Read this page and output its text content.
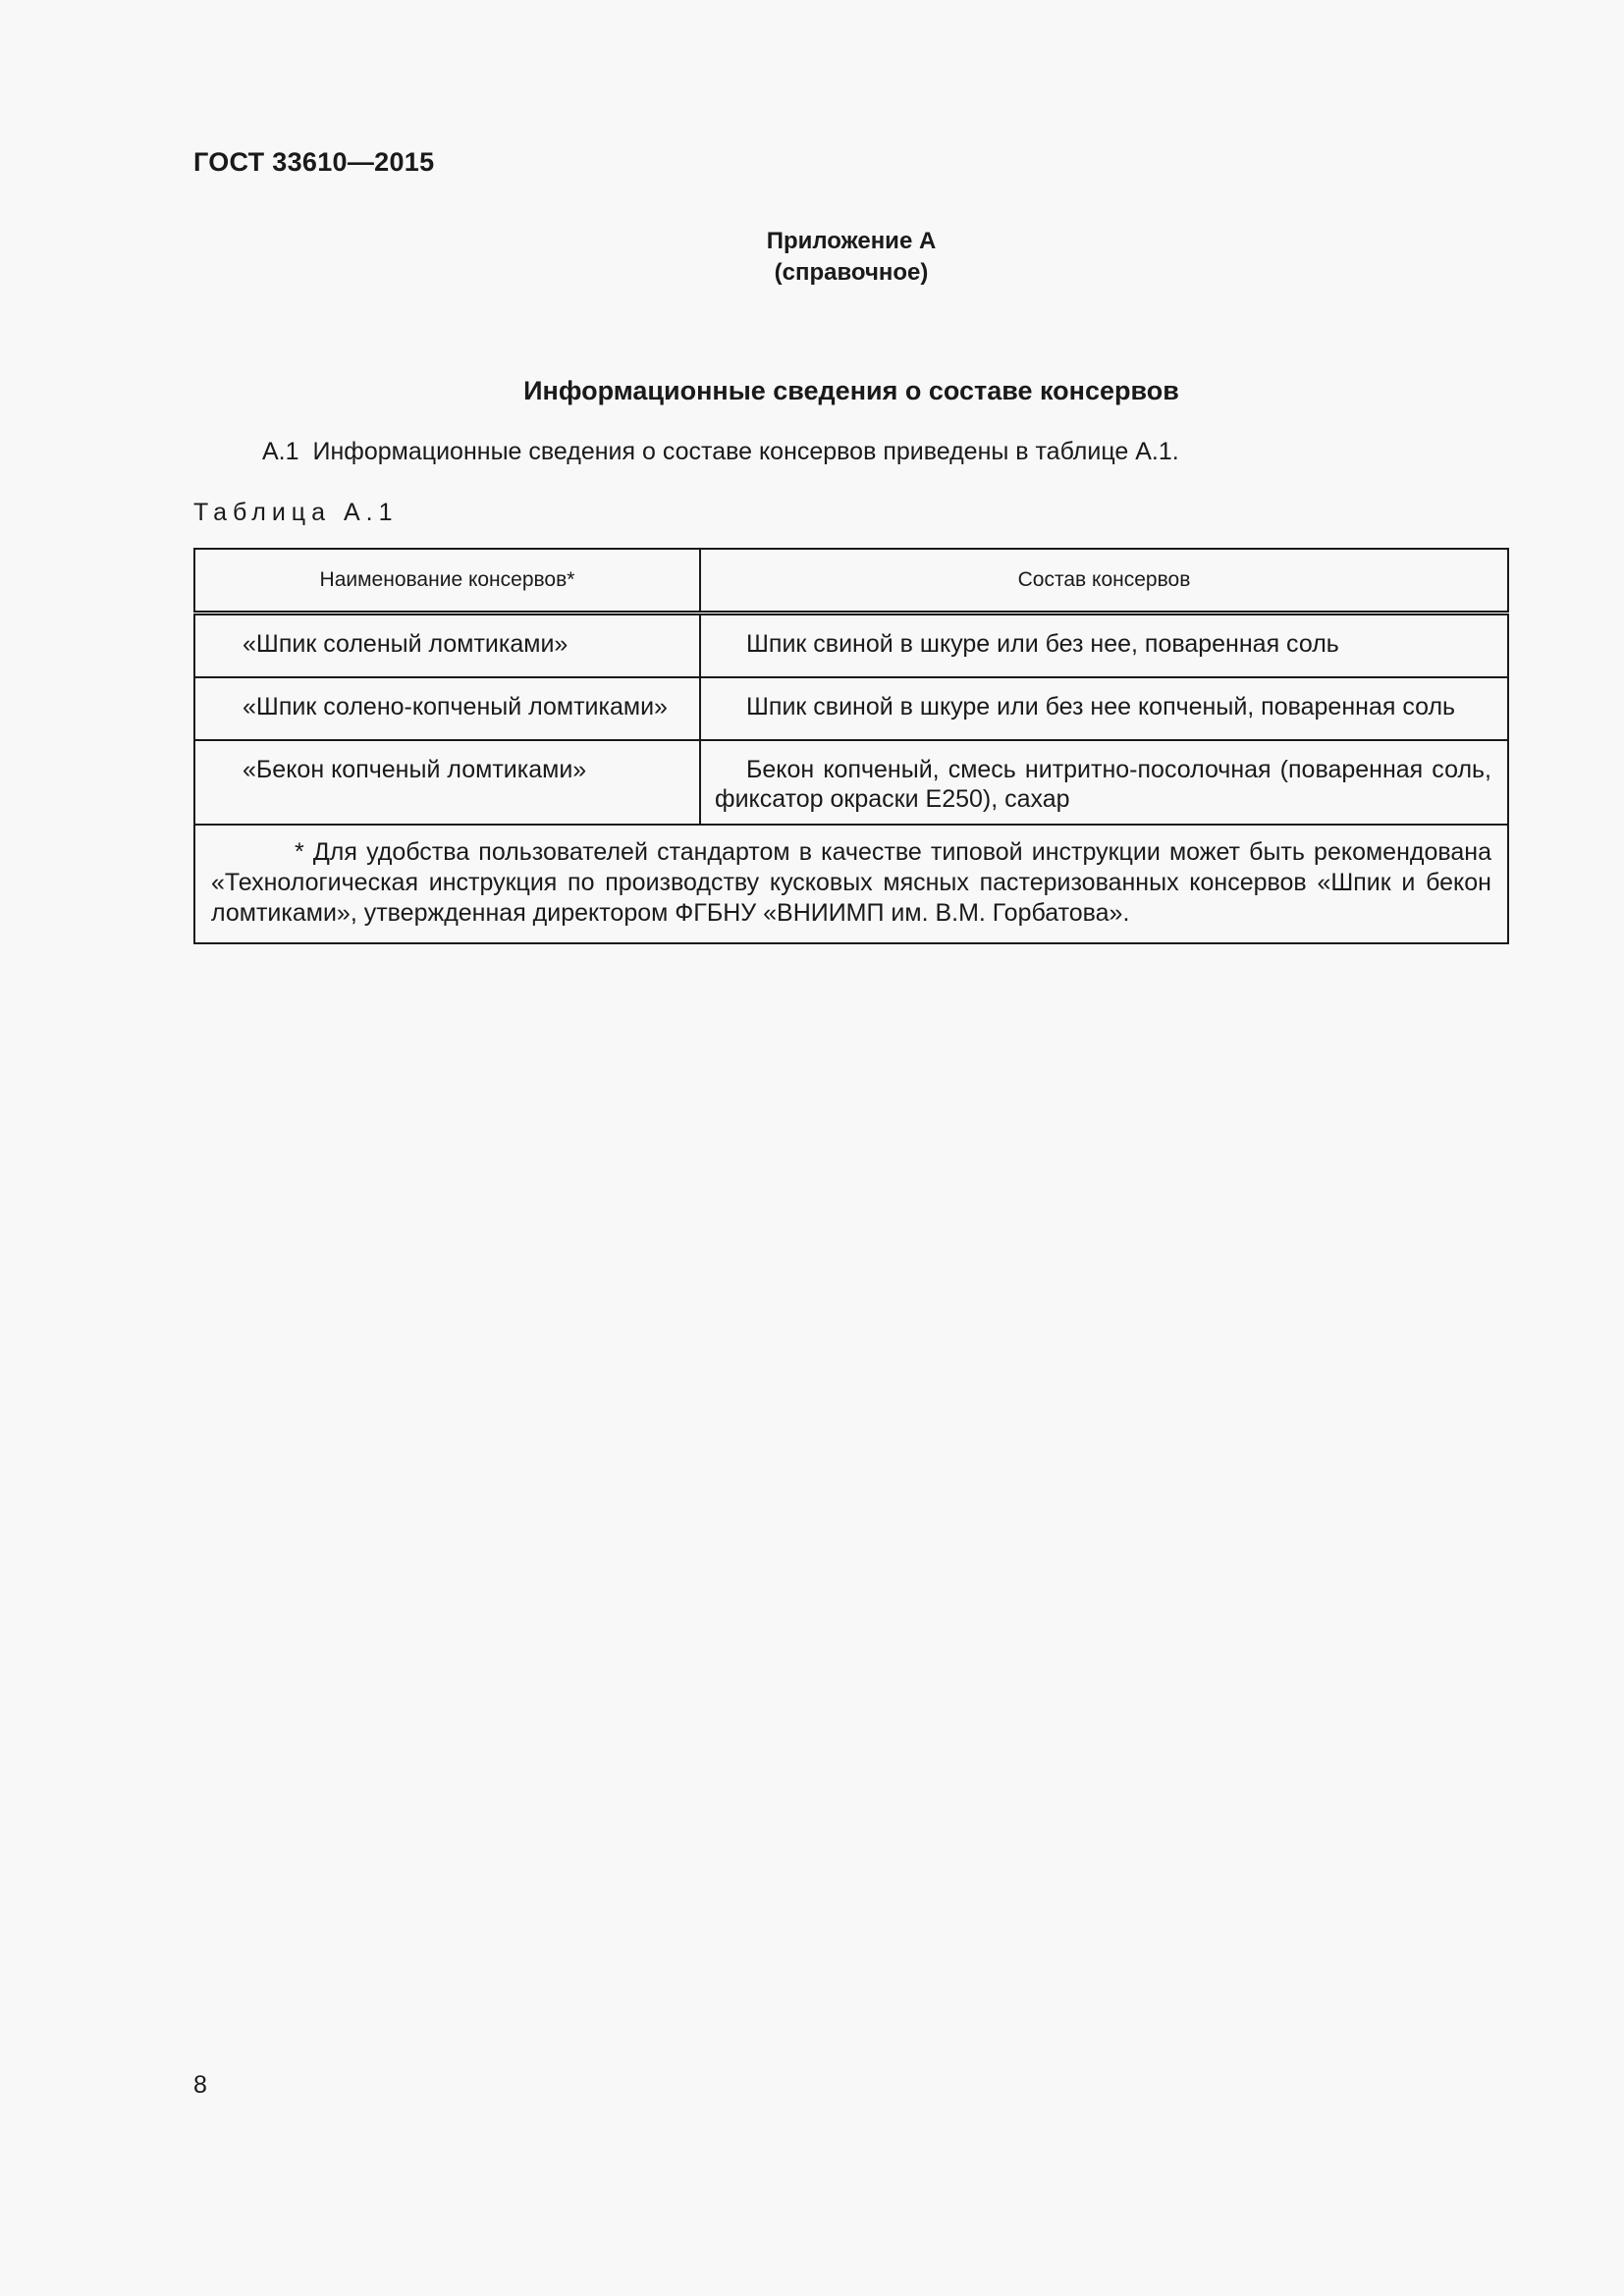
ГОСТ 33610—2015
Приложение А
(справочное)
Информационные сведения о составе консервов
А.1 Информационные сведения о составе консервов приведены в таблице А.1.
Таблица А.1
Наименование консервов*	Состав консервов
«Шпик соленый ломтиками»	Шпик свиной в шкуре или без нее, поваренная соль
«Шпик солено-копченый ломтиками»	Шпик свиной в шкуре или без нее копченый, поваренная соль
«Бекон копченый ломтиками»	Бекон копченый, смесь нитритно-посолочная (поваренная соль, фиксатор окраски Е250), сахар
* Для удобства пользователей стандартом в качестве типовой инструкции может быть рекомендована «Технологическая инструкция по производству кусковых мясных пастеризованных консервов «Шпик и бекон ломтиками», утвержденная директором ФГБНУ «ВНИИМП им. В.М. Горбатова».	
8
